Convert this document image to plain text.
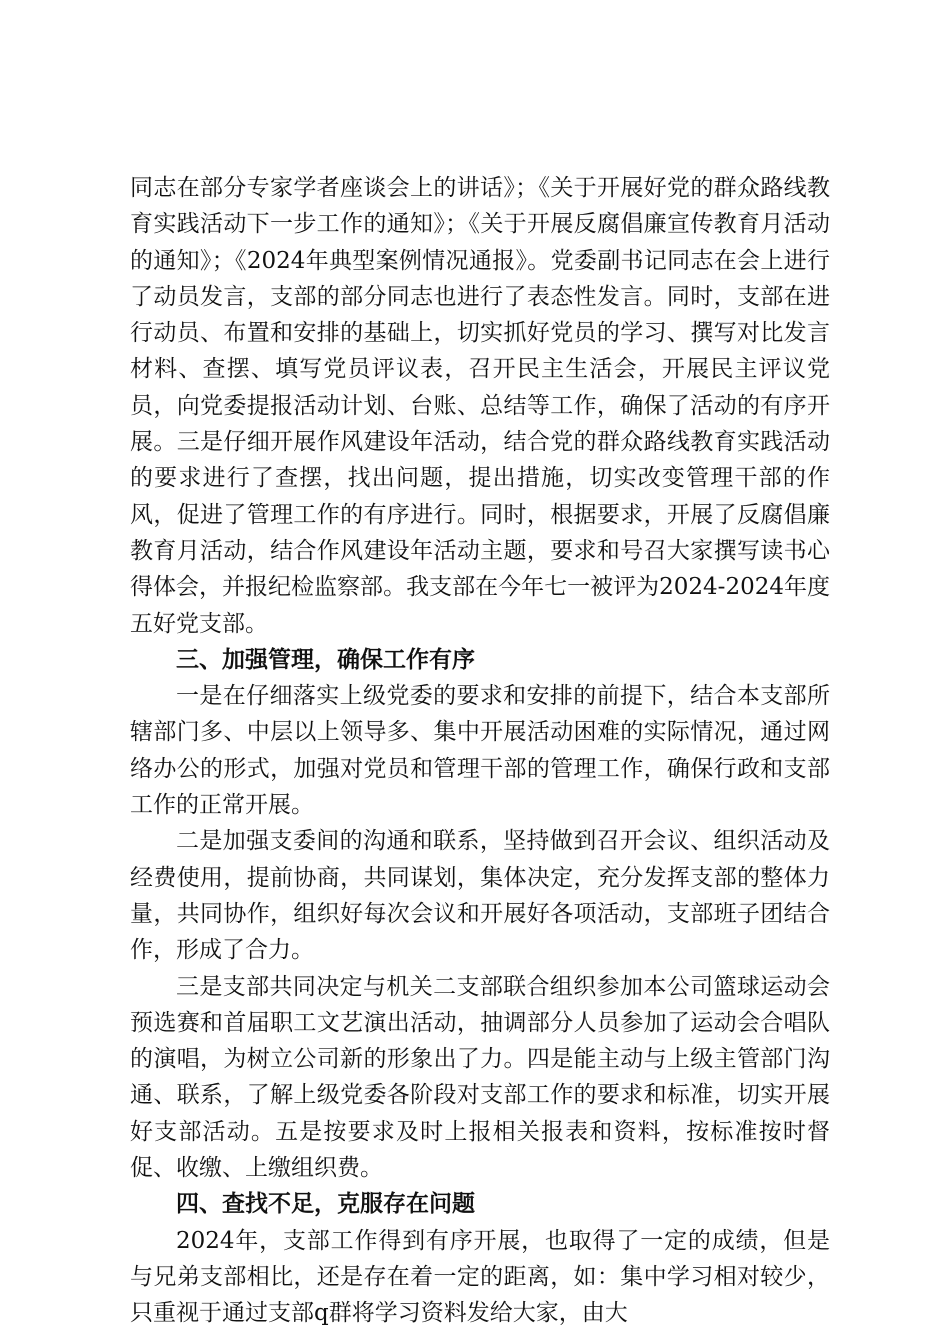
同志在部分专家学者座谈会上的讲话》；《关于开展好党的群众路线教育实践活动下一步工作的通知》；《关于开展反腐倡廉宣传教育月活动的通知》；《2024年典型案例情况通报》。党委副书记同志在会上进行了动员发言，支部的部分同志也进行了表态性发言。同时，支部在进行动员、布置和安排的基础上，切实抓好党员的学习、撰写对比发言材料、查摆、填写党员评议表，召开民主生活会，开展民主评议党员，向党委提报活动计划、台账、总结等工作，确保了活动的有序开展。三是仔细开展作风建设年活动，结合党的群众路线教育实践活动的要求进行了查摆，找出问题，提出措施，切实改变管理干部的作风，促进了管理工作的有序进行。同时，根据要求，开展了反腐倡廉教育月活动，结合作风建设年活动主题，要求和号召大家撰写读书心得体会，并报纪检监察部。我支部在今年七一被评为2024-2024年度五好党支部。

三、加强管理，确保工作有序

一是在仔细落实上级党委的要求和安排的前提下，结合本支部所辖部门多、中层以上领导多、集中开展活动困难的实际情况，通过网络办公的形式，加强对党员和管理干部的管理工作，确保行政和支部工作的正常开展。

二是加强支委间的沟通和联系，坚持做到召开会议、组织活动及经费使用，提前协商，共同谋划，集体决定，充分发挥支部的整体力量，共同协作，组织好每次会议和开展好各项活动，支部班子团结合作，形成了合力。

三是支部共同决定与机关二支部联合组织参加本公司篮球运动会预选赛和首届职工文艺演出活动，抽调部分人员参加了运动会合唱队的演唱，为树立公司新的形象出了力。四是能主动与上级主管部门沟通、联系，了解上级党委各阶段对支部工作的要求和标准，切实开展好支部活动。五是按要求及时上报相关报表和资料，按标准按时督促、收缴、上缴组织费。

四、查找不足，克服存在问题

2024年，支部工作得到有序开展，也取得了一定的成绩，但是与兄弟支部相比，还是存在着一定的距离，如：集中学习相对较少，只重视于通过支部q群将学习资料发给大家，由大
